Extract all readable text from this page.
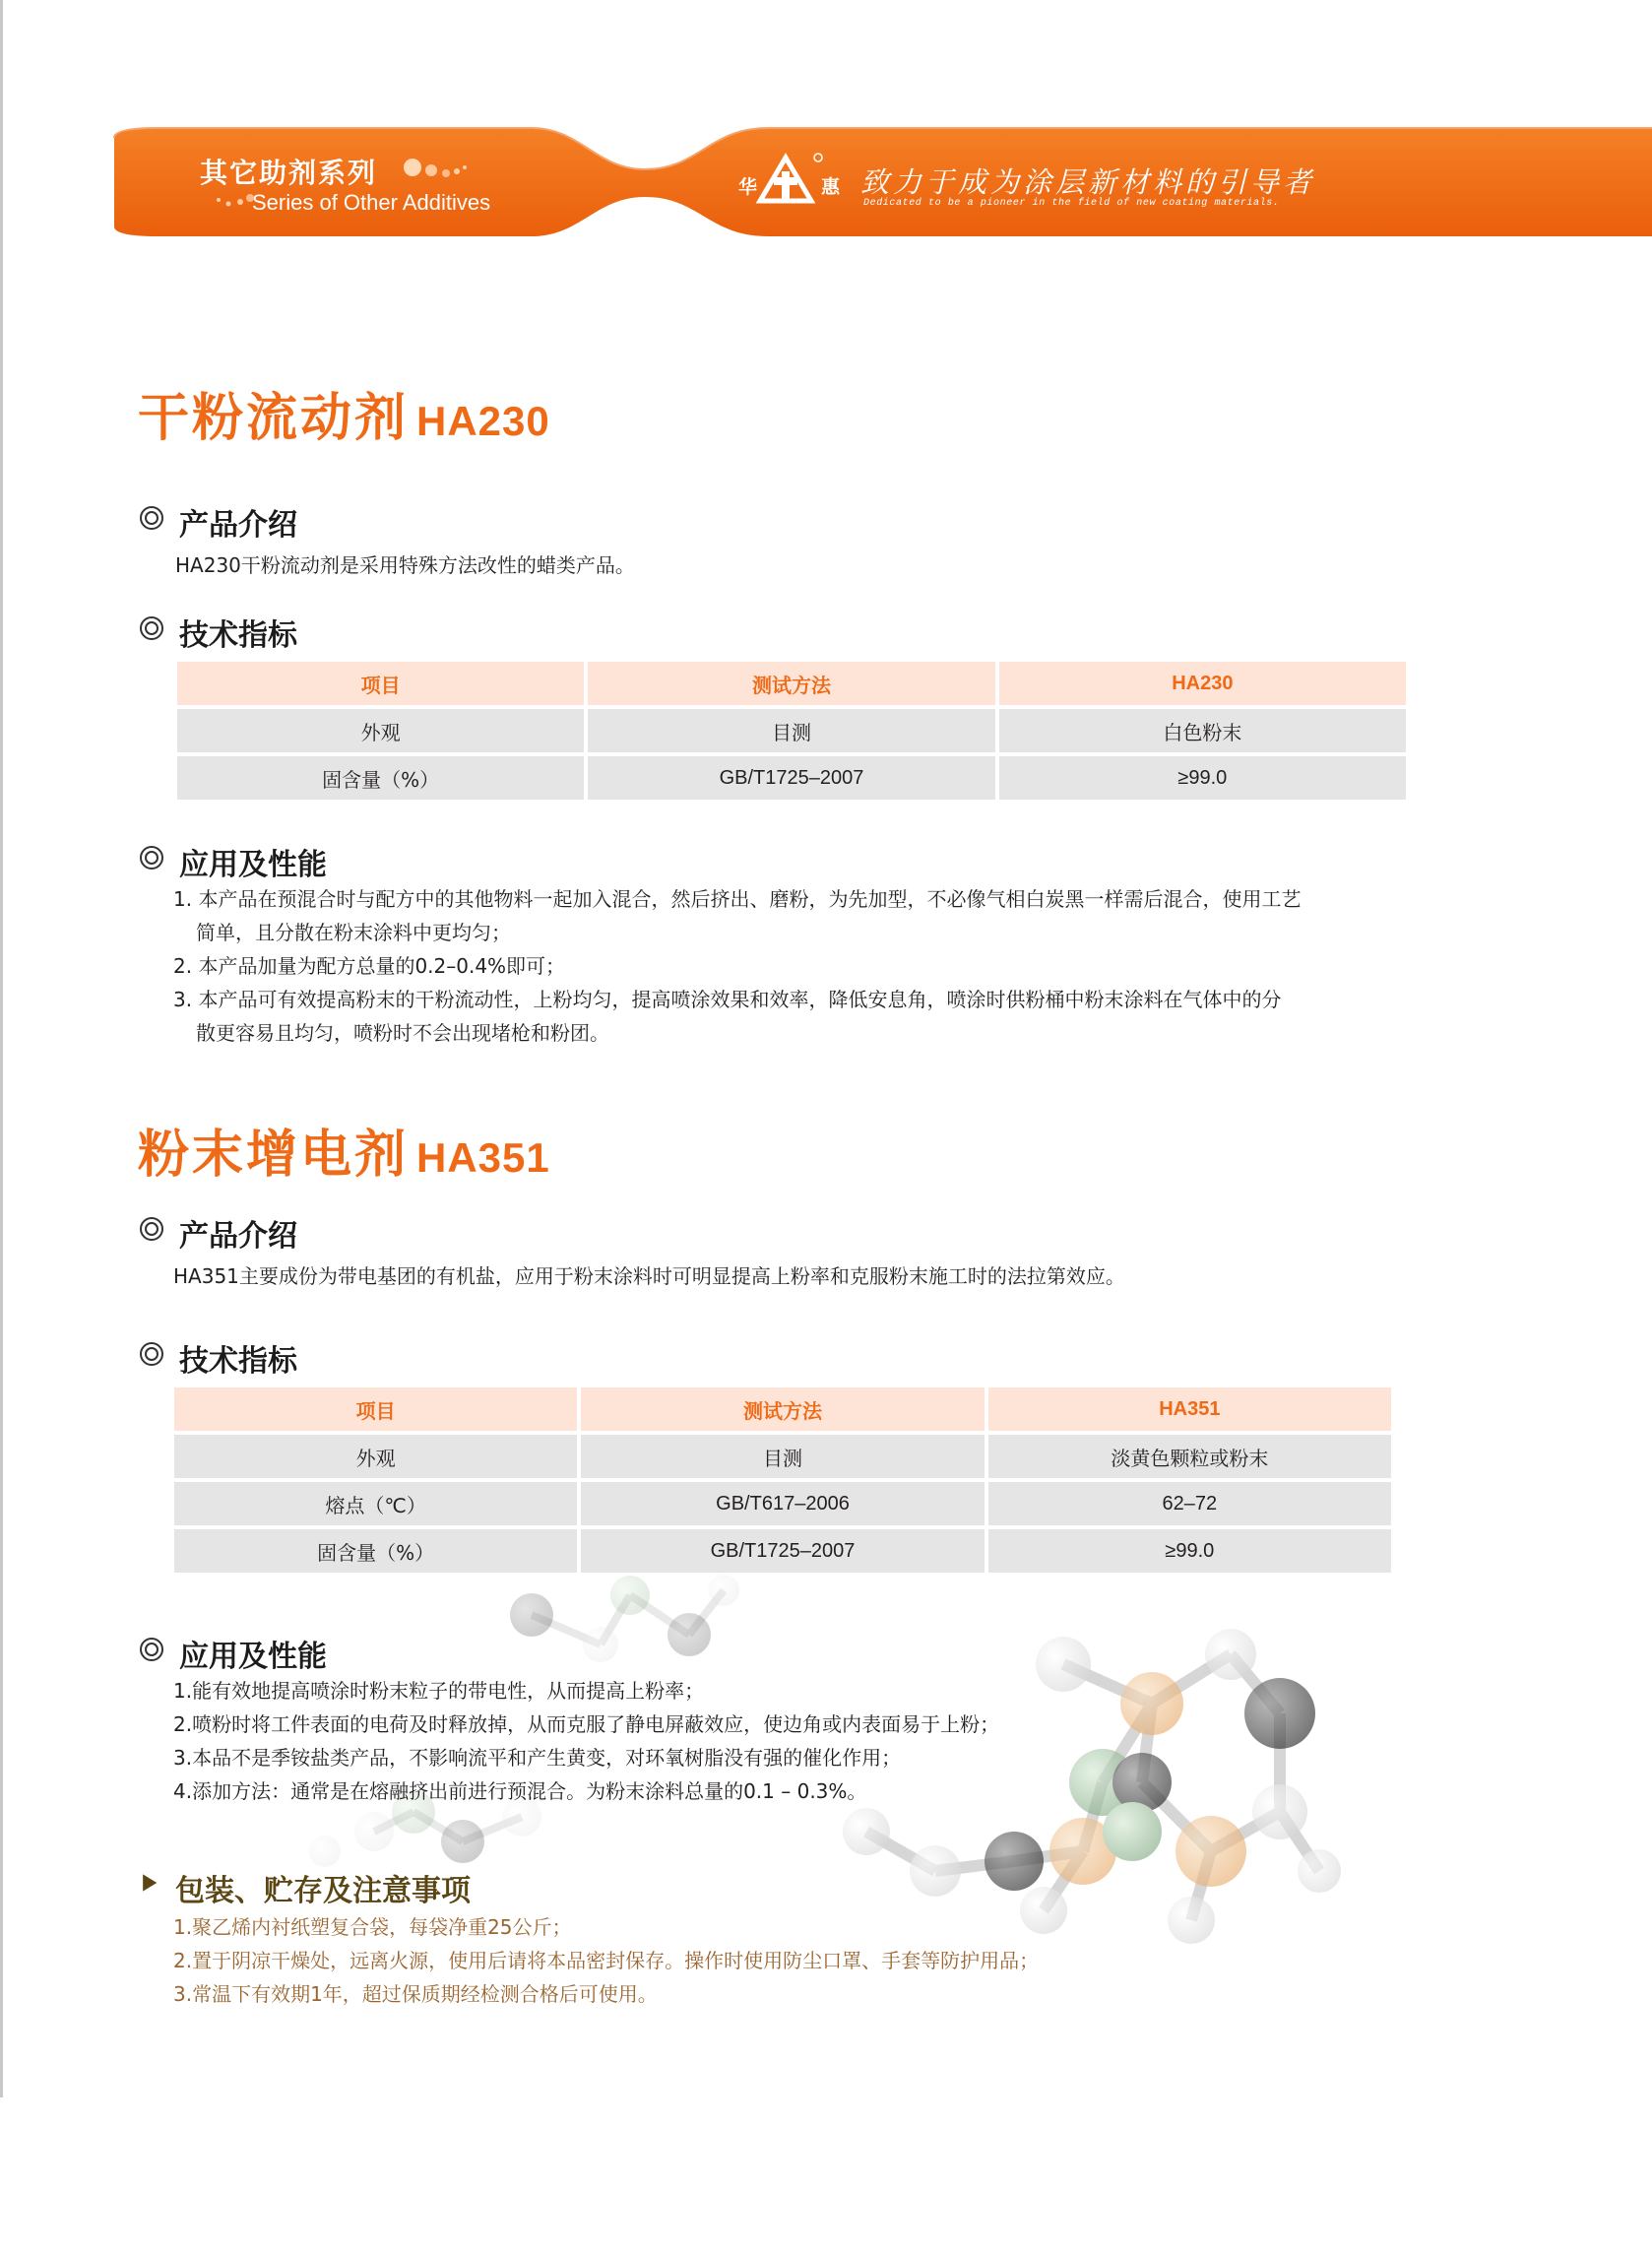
其它助剂系列
Series of Other Additives
华	惠 致力于成为涂层新材料的引导者
Dedicated to be a pioneer in the field of new coating materials.
干粉流动剂 HA230
产品介绍
HA230干粉流动剂是采用特殊方法改性的蜡类产品。
技术指标
项目	测试方法	HA230
外观	目测	白色粉末
固含量（%）	GB/T1725–2007	≥99.0
应用及性能

1. 本产品在预混合时与配方中的其他物料一起加入混合，然后挤出、磨粉，为先加型，不必像气相白炭黑一样需后混合，使用工艺

简单，且分散在粉末涂料中更均匀；

2. 本产品加量为配方总量的0.2–0.4%即可；

3. 本产品可有效提高粉末的干粉流动性，上粉均匀，提高喷涂效果和效率，降低安息角，喷涂时供粉桶中粉末涂料在气体中的分

散更容易且均匀，喷粉时不会出现堵枪和粉团。

粉末增电剂 HA351
产品介绍
HA351主要成份为带电基团的有机盐，应用于粉末涂料时可明显提高上粉率和克服粉末施工时的法拉第效应。
技术指标
项目	测试方法	HA351
外观	目测	淡黄色颗粒或粉末
熔点（℃）	GB/T617–2006	62–72
固含量（%）	GB/T1725–2007	≥99.0
应用及性能

1.能有效地提高喷涂时粉末粒子的带电性，从而提高上粉率；

2.喷粉时将工件表面的电荷及时释放掉，从而克服了静电屏蔽效应，使边角或内表面易于上粉；

3.本品不是季铵盐类产品，不影响流平和产生黄变，对环氧树脂没有强的催化作用；

4.添加方法：通常是在熔融挤出前进行预混合。为粉末涂料总量的0.1 – 0.3%。

包装、贮存及注意事项

1.聚乙烯内衬纸塑复合袋，每袋净重25公斤；

2.置于阴凉干燥处，远离火源，使用后请将本品密封保存。操作时使用防尘口罩、手套等防护用品；

3.常温下有效期1年，超过保质期经检测合格后可使用。
